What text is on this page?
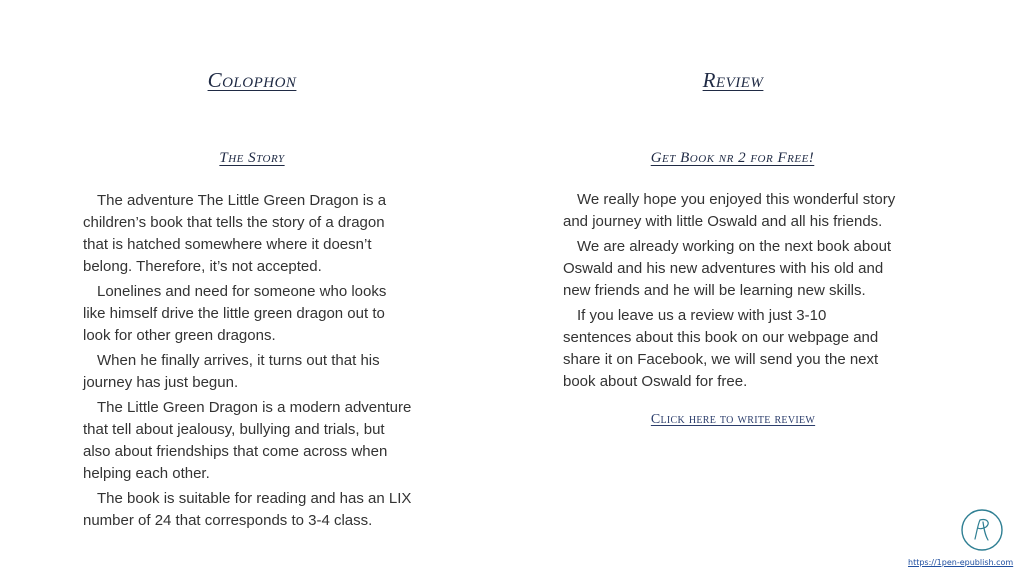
Colophon	Review
The Story	Get Book nr 2 for Free!

The adventure The Little Green Dragon is a children’s book that tells the story of a dragon that is hatched somewhere where it doesn’t belong. Therefore, it’s not accepted.

Lonelines and need for someone who looks like himself drive the little green dragon out to look for other green dragons.

When he finally arrives, it turns out that his journey has just begun.

The Little Green Dragon is a modern adventure that tell about jealousy, bullying and trials, but also about friendships that come across when helping each other.

The book is suitable for reading and has an LIX number of 24 that corresponds to 3-4 class.

We really hope you enjoyed this wonderful story and journey with little Oswald and all his friends.

We are already working on the next book about Oswald and his new adventures with his old and new friends and he will be learning new skills.

If you leave us a review with just 3-10 sentences about this book on our webpage and share it on Facebook, we will send you the next book about Oswald for free.

Click here to write review
https://1pen-epublish.com
